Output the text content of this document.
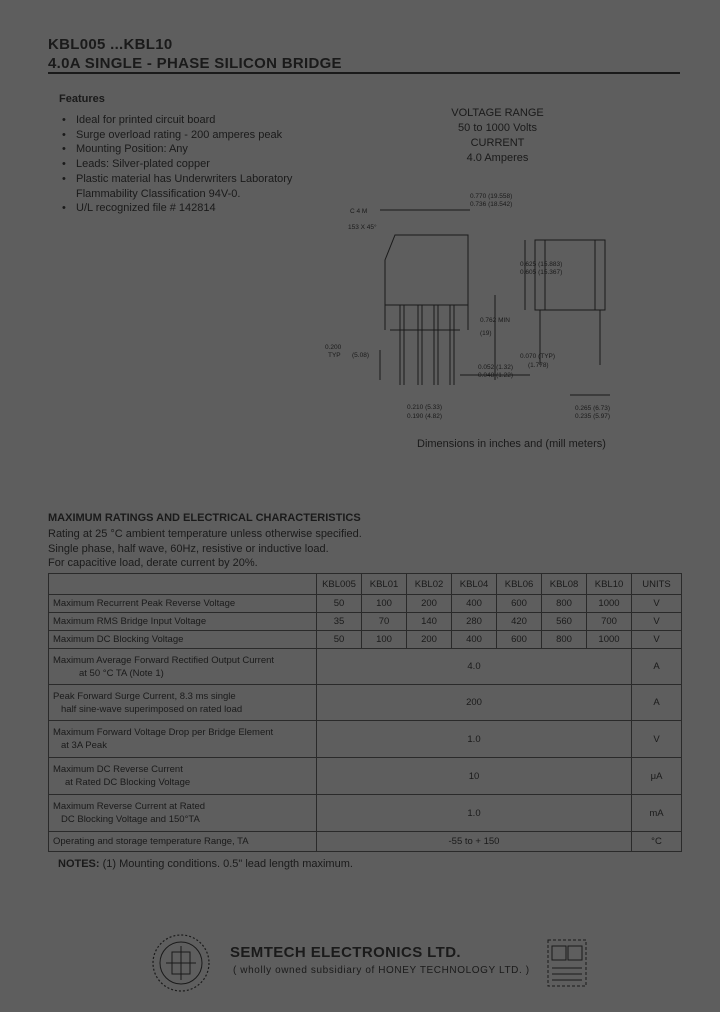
KBL005 ...KBL10
4.0A SINGLE - PHASE SILICON BRIDGE
Features
• Ideal for printed circuit board
• Surge overload rating - 200 amperes peak
• Mounting Position: Any
• Leads: Silver-plated copper
• Plastic material has Underwriters Laboratory
Flammability Classification 94V-0.
• U/L recognized file # 142814
VOLTAGE RANGE
50 to 1000 Volts
CURRENT
4.0 Amperes
0.770 (19.558)
0.736 (18.542)
C 4 M
153 X 45°
0.625 (15.883)
0.605 (15.367)
0.762 MIN
(19)
0.070 (TYP)
(1.778)
0.052 (1.32)
0.048 (1.22)
0.200
TYP (5.08)
0.210 (5.33)
0.190 (4.82)
0.265 (6.73)
0.235 (5.97)
Dimensions in inches and (mill meters)
MAXIMUM RATINGS AND ELECTRICAL CHARACTERISTICS
Rating at 25 °C ambient temperature unless otherwise specified.
Single phase, half wave, 60Hz, resistive or inductive load.
For capacitive load, derate current by 20%.
	KBL005	KBL01	KBL02	KBL04	KBL06	KBL08	KBL10	UNITS
Maximum Recurrent Peak Reverse Voltage	50	100	200	400	600	800	1000	V
Maximum RMS Bridge Input Voltage	35	70	140	280	420	560	700	V
Maximum DC Blocking Voltage	50	100	200	400	600	800	1000	V

Maximum Average Forward Rectified Output Current
at 50 °C TA (Note 1)	4.0							A

Peak Forward Surge Current, 8.3 ms single
half sine-wave superimposed on rated load	200							A

Maximum Forward Voltage Drop per Bridge Element
at 3A Peak	1.0							V

Maximum DC Reverse Current
at Rated DC Blocking Voltage	10							μA

Maximum Reverse Current at Rated
DC Blocking Voltage and 150°TA	1.0							mA
Operating and storage temperature Range, TA	-55 to + 150							°C
NOTES: (1) Mounting conditions. 0.5" lead length maximum.
SEMTECH ELECTRONICS LTD.
( wholly owned subsidiary of HONEY TECHNOLOGY LTD. )
